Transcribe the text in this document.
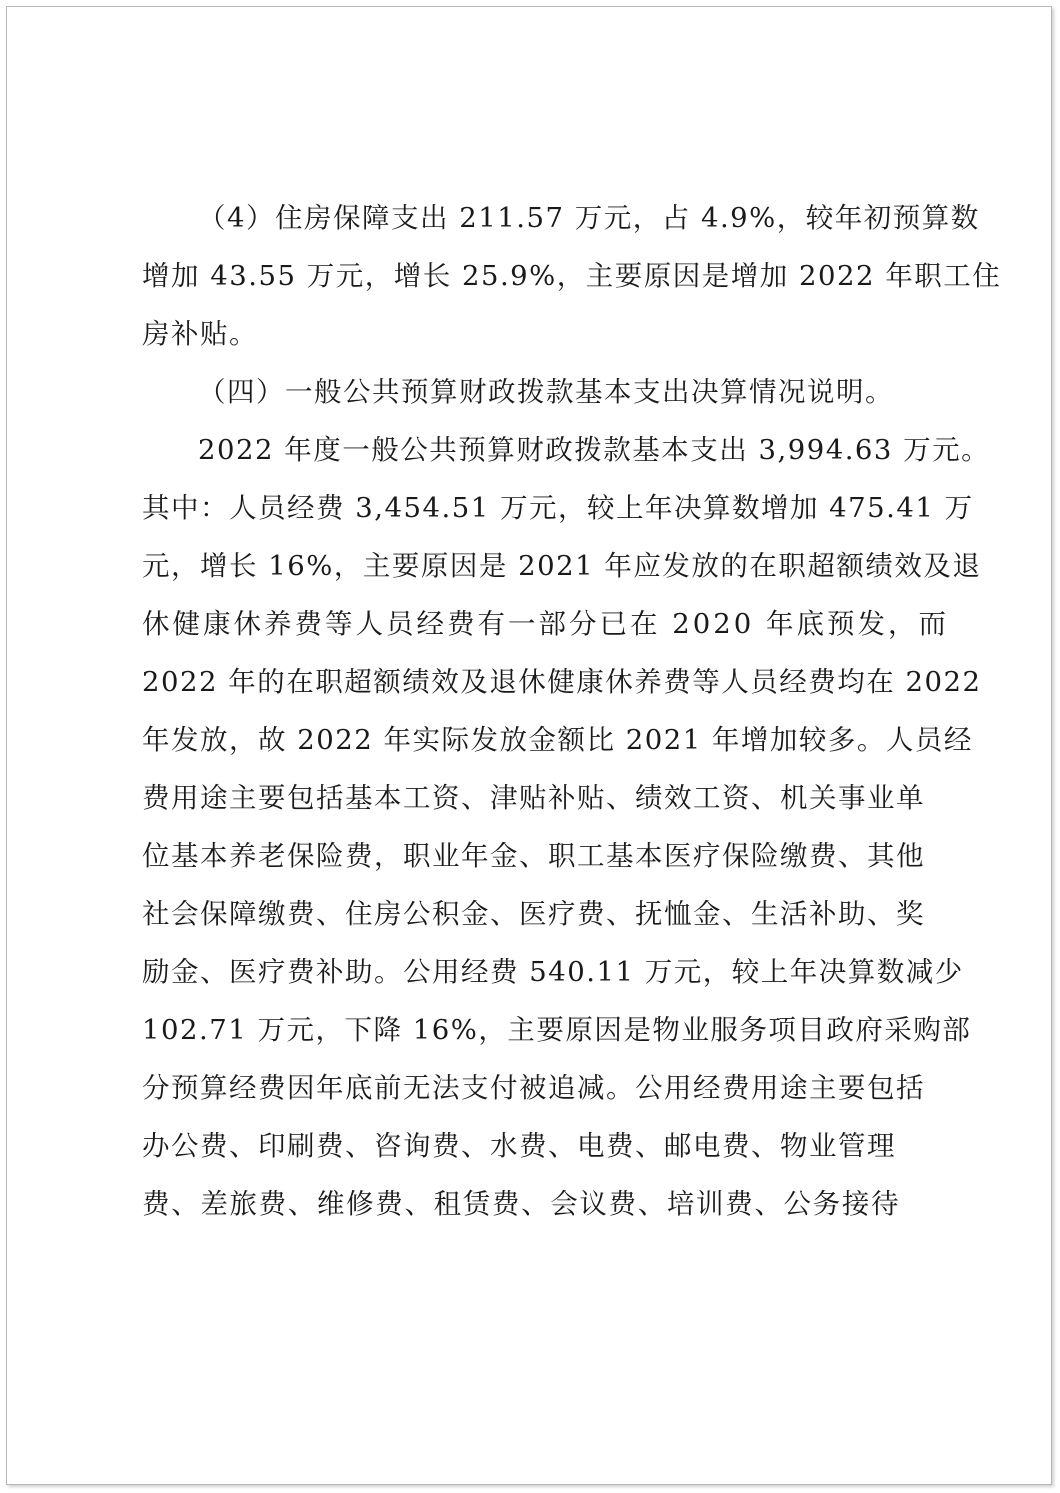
（4）住房保障支出 211.57 万元，占 4.9%，较年初预算数
增加 43.55 万元，增长 25.9%，主要原因是增加 2022 年职工住
房补贴。
（四）一般公共预算财政拨款基本支出决算情况说明。
2022 年度一般公共预算财政拨款基本支出 3,994.63 万元。
其中：人员经费 3,454.51 万元，较上年决算数增加 475.41 万
元，增长 16%，主要原因是 2021 年应发放的在职超额绩效及退
休健康休养费等人员经费有一部分已在 2020 年底预发，而
2022 年的在职超额绩效及退休健康休养费等人员经费均在 2022
年发放，故 2022 年实际发放金额比 2021 年增加较多。人员经
费用途主要包括基本工资、津贴补贴、绩效工资、机关事业单
位基本养老保险费，职业年金、职工基本医疗保险缴费、其他
社会保障缴费、住房公积金、医疗费、抚恤金、生活补助、奖
励金、医疗费补助。公用经费 540.11 万元，较上年决算数减少
102.71 万元，下降 16%，主要原因是物业服务项目政府采购部
分预算经费因年底前无法支付被追减。公用经费用途主要包括
办公费、印刷费、咨询费、水费、电费、邮电费、物业管理
费、差旅费、维修费、租赁费、会议费、培训费、公务接待
